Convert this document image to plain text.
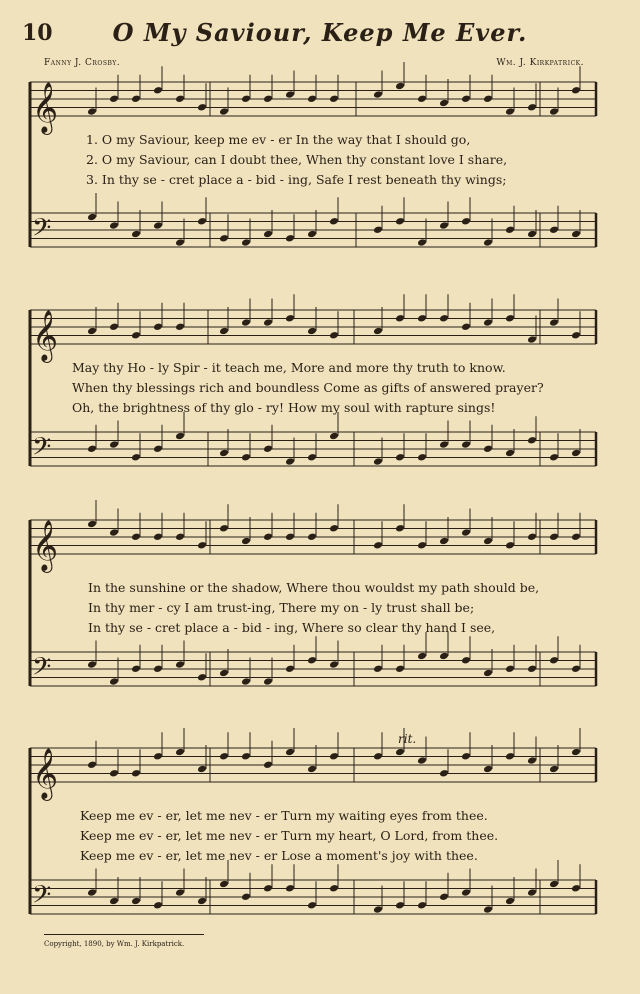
10	O My Saviour, Keep Me Ever.
Fanny J. Crosby.	Wm. J. Kirkpatrick.
𝄞
𝄢
𝄞
𝄢
𝄞
𝄢
𝄞
𝄢
1. O my Saviour, keep me ev - er In the way that I should go,
2. O my Saviour, can I doubt thee, When thy constant love I share,
3. In thy se - cret place a - bid - ing, Safe I rest beneath thy wings;
May thy Ho - ly Spir - it teach me, More and more thy truth to know.
When thy blessings rich and boundless Come as gifts of answered prayer?
Oh, the brightness of thy glo - ry! How my soul with rapture sings!
In the sunshine or the shadow, Where thou wouldst my path should be,
In thy mer - cy I am trust-ing, There my on - ly trust shall be;
In thy se - cret place a - bid - ing, Where so clear thy hand I see,
Keep me ev - er, let me nev - er Turn my waiting eyes from thee.
Keep me ev - er, let me nev - er Turn my heart, O Lord, from thee.
Keep me ev - er, let me nev - er Lose a moment's joy with thee.
rit.
Copyright, 1890, by Wm. J. Kirkpatrick.
